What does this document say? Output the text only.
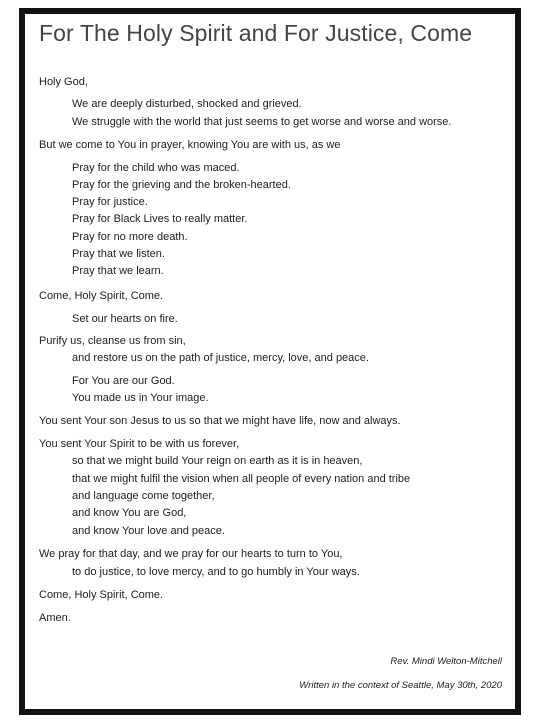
For The Holy Spirit and For Justice, Come
Holy God,
We are deeply disturbed, shocked and grieved.
We struggle with the world that just seems to get worse and worse and worse.
But we come to You in prayer, knowing You are with us, as we
Pray for the child who was maced.
Pray for the grieving and the broken-hearted.
Pray for justice.
Pray for Black Lives to really matter.
Pray for no more death.
Pray that we listen.
Pray that we learn.
Come, Holy Spirit, Come.
Set our hearts on fire.
Purify us, cleanse us from sin,
and restore us on the path of justice, mercy, love, and peace.
For You are our God.
You made us in Your image.
You sent Your son Jesus to us so that we might have life, now and always.
You sent Your Spirit to be with us forever,
so that we might build Your reign on earth as it is in heaven,
that we might fulfil the vision when all people of every nation and tribe
and language come together,
and know You are God,
and know Your love and peace.
We pray for that day, and we pray for our hearts to turn to You,
to do justice, to love mercy, and to go humbly in Your ways.
Come, Holy Spirit, Come.
Amen.
Rev. Mindi Welton-Mitchell
Written in the context of Seattle, May 30th, 2020
